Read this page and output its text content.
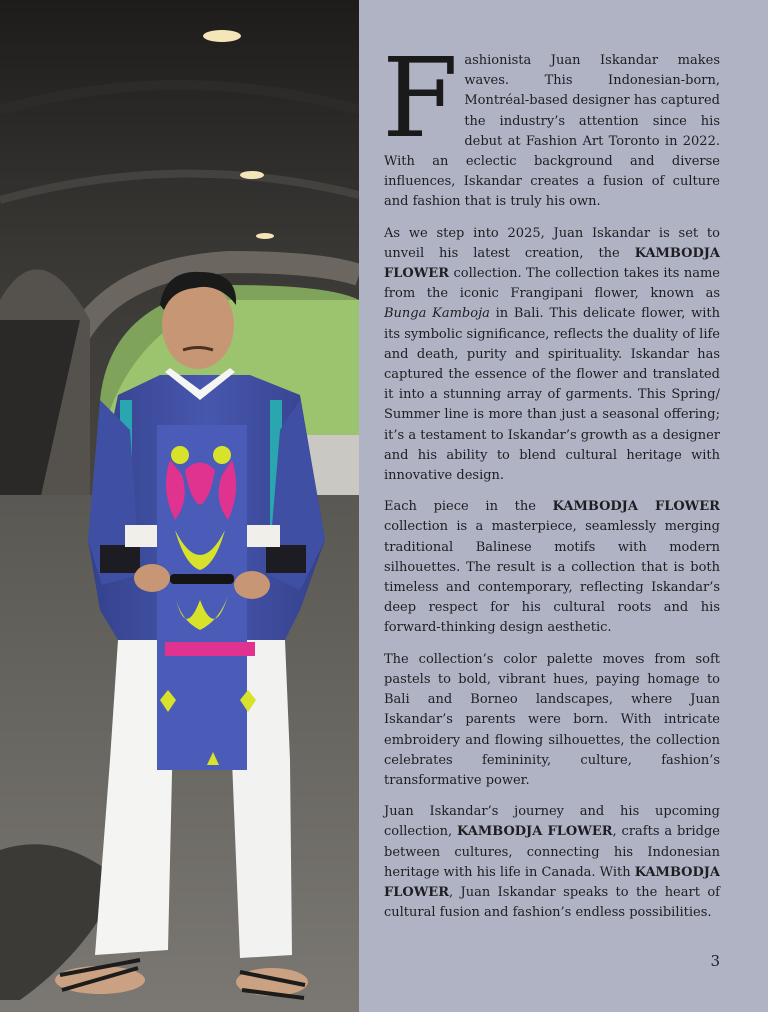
Fashionista Juan Iskandar makes waves. This Indonesian-born, Montréal-based designer has captured the industry’s attention since his debut at Fashion Art Toronto in 2022. With an eclectic background and diverse influences, Iskandar creates a fusion of culture and fashion that is truly his own.

As we step into 2025, Juan Iskandar is set to unveil his latest creation, the KAMBODJA FLOWER collection. The collection takes its name from the iconic Frangipani flower, known as Bunga Kamboja in Bali. This delicate flower, with its symbolic significance, reflects the duality of life and death, purity and spirituality. Iskandar has captured the essence of the flower and translated it into a stunning array of garments. This Spring/ Summer line is more than just a seasonal offering; it’s a testament to Iskandar’s growth as a designer and his ability to blend cultural heritage with innovative design.

Each piece in the KAMBODJA FLOWER collection is a masterpiece, seamlessly merging traditional Balinese motifs with modern silhouettes. The result is a collection that is both timeless and contemporary, reflecting Iskandar’s deep respect for his cultural roots and his forward-thinking design aesthetic.

The collection’s color palette moves from soft pastels to bold, vibrant hues, paying homage to Bali and Borneo landscapes, where Juan Iskandar’s parents were born. With intricate embroidery and flowing silhouettes, the collection celebrates femininity, culture, fashion’s transformative power.

Juan Iskandar’s journey and his upcoming collection, KAMBODJA FLOWER, crafts a bridge between cultures, connecting his Indonesian heritage with his life in Canada. With KAMBODJA FLOWER, Juan Iskandar speaks to the heart of cultural fusion and fashion’s endless possibilities.

3
